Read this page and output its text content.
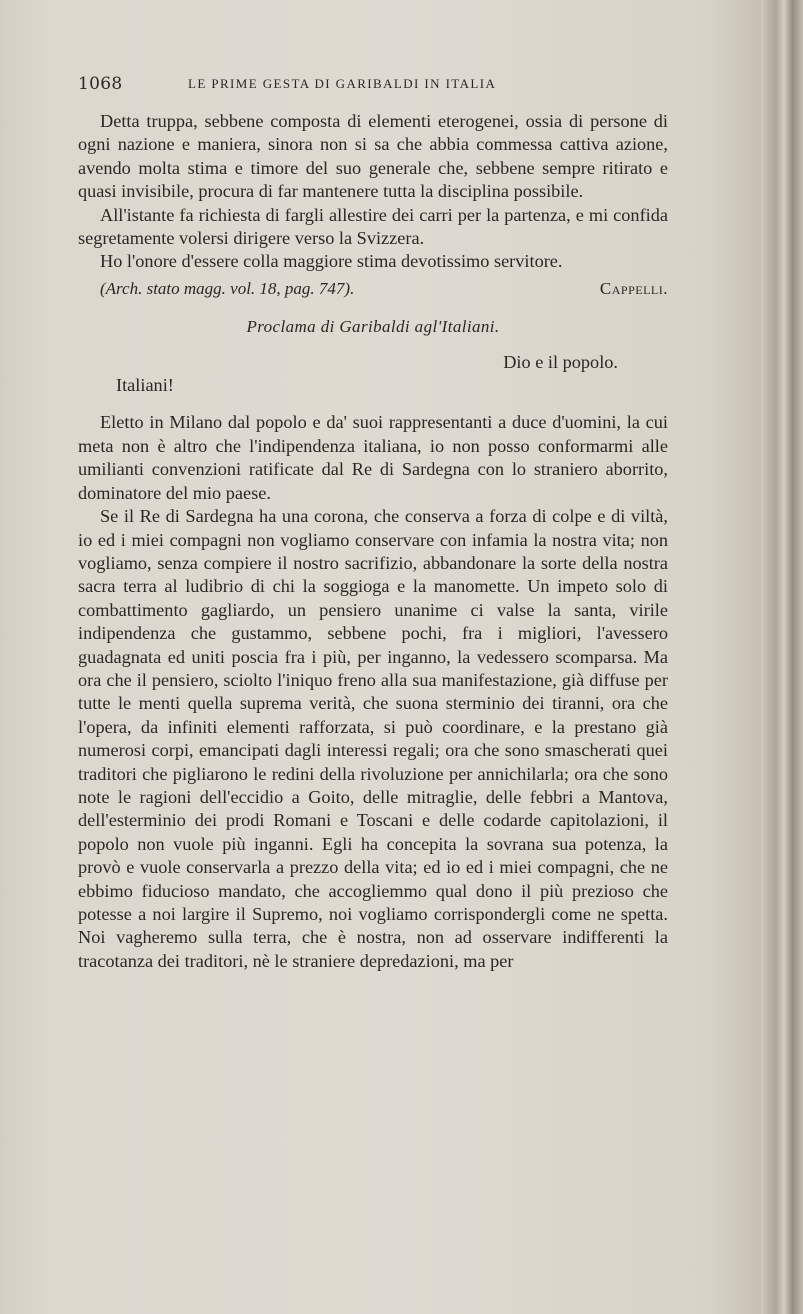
1068	LE PRIME GESTA DI GARIBALDI IN ITALIA

Detta truppa, sebbene composta di elementi eterogenei, ossia di persone di ogni nazione e maniera, sinora non si sa che abbia commessa cattiva azione, avendo molta stima e timore del suo generale che, sebbene sempre ritirato e quasi invisibile, procura di far mantenere tutta la disciplina possibile.

All'istante fa richiesta di fargli allestire dei carri per la partenza, e mi confida segretamente volersi dirigere verso la Svizzera.

Ho l'onore d'essere colla maggiore stima devotissimo servitore.

(Arch. stato magg. vol. 18, pag. 747).	Cappelli.
Proclama di Garibaldi agl'Italiani.
Dio e il popolo.
Italiani!

Eletto in Milano dal popolo e da' suoi rappresentanti a duce d'uomini, la cui meta non è altro che l'indipendenza italiana, io non posso conformarmi alle umilianti convenzioni ratificate dal Re di Sardegna con lo straniero aborrito, dominatore del mio paese.

Se il Re di Sardegna ha una corona, che conserva a forza di colpe e di viltà, io ed i miei compagni non vogliamo conservare con infamia la nostra vita; non vogliamo, senza compiere il nostro sacrifizio, abbandonare la sorte della nostra sacra terra al ludibrio di chi la soggioga e la manomette. Un impeto solo di combattimento gagliardo, un pensiero unanime ci valse la santa, virile indipendenza che gustammo, sebbene pochi, fra i migliori, l'avessero guadagnata ed uniti poscia fra i più, per inganno, la vedessero scomparsa. Ma ora che il pensiero, sciolto l'iniquo freno alla sua manifestazione, già diffuse per tutte le menti quella suprema verità, che suona sterminio dei tiranni, ora che l'opera, da infiniti elementi rafforzata, si può coordinare, e la prestano già numerosi corpi, emancipati dagli interessi regali; ora che sono smascherati quei traditori che pigliarono le redini della rivoluzione per annichilarla; ora che sono note le ragioni dell'eccidio a Goito, delle mitraglie, delle febbri a Mantova, dell'esterminio dei prodi Romani e Toscani e delle codarde capitolazioni, il popolo non vuole più inganni. Egli ha concepita la sovrana sua potenza, la provò e vuole conservarla a prezzo della vita; ed io ed i miei compagni, che ne ebbimo fiducioso mandato, che accogliemmo qual dono il più prezioso che potesse a noi largire il Supremo, noi vogliamo corrispondergli come ne spetta. Noi vagheremo sulla terra, che è nostra, non ad osservare indifferenti la tracotanza dei traditori, nè le straniere depredazioni, ma per
